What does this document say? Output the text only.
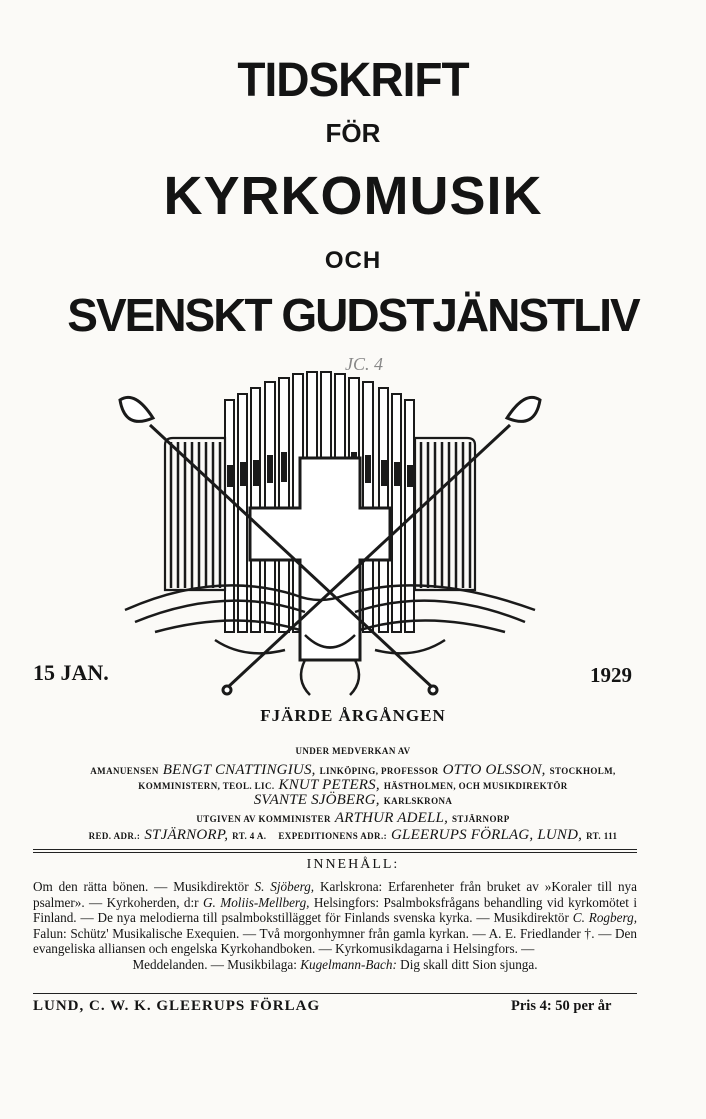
TIDSKRIFT
FÖR
KYRKOMUSIK
OCH
SVENSKT GUDSTJÄNSTLIV
JC. 4
15 JAN.	1929
FJÄRDE ÅRGÅNGEN
UNDER MEDVERKAN AV
AMANUENSEN BENGT CNATTINGIUS, LINKÖPING, PROFESSOR OTTO OLSSON, STOCKHOLM,
KOMMINISTERN, TEOL. LIC. KNUT PETERS, HÄSTHOLMEN, OCH MUSIKDIREKTÖR
SVANTE SJÖBERG, KARLSKRONA
UTGIVEN AV KOMMINISTER ARTHUR ADELL, STJÄRNORP
RED. ADR.: STJÄRNORP, RT. 4 A. EXPEDITIONENS ADR.: GLEERUPS FÖRLAG, LUND, RT. 111
INNEHÅLL:

Om den rätta bönen. — Musikdirektör S. Sjöberg, Karlskrona: Erfarenheter från bruket av »Koraler till nya psalmer». — Kyrkoherden, d:r G. Moliis-Mellberg, Helsingfors: Psalmboksfrågans behandling vid kyrkomötet i Finland. — De nya melodierna till psalmbokstillägget för Finlands svenska kyrka. — Musikdirektör C. Rogberg, Falun: Schütz' Musikalische Exequien. — Två morgonhymner från gamla kyrkan. — A. E. Friedlander †. — Den evangeliska alliansen och engelska Kyrkohandboken. — Kyrkomusikdagarna i Helsingfors. —

Meddelanden. — Musikbilaga: Kugelmann-Bach: Dig skall ditt Sion sjunga.

LUND, C. W. K. GLEERUPS FÖRLAG	Pris 4: 50 per år
